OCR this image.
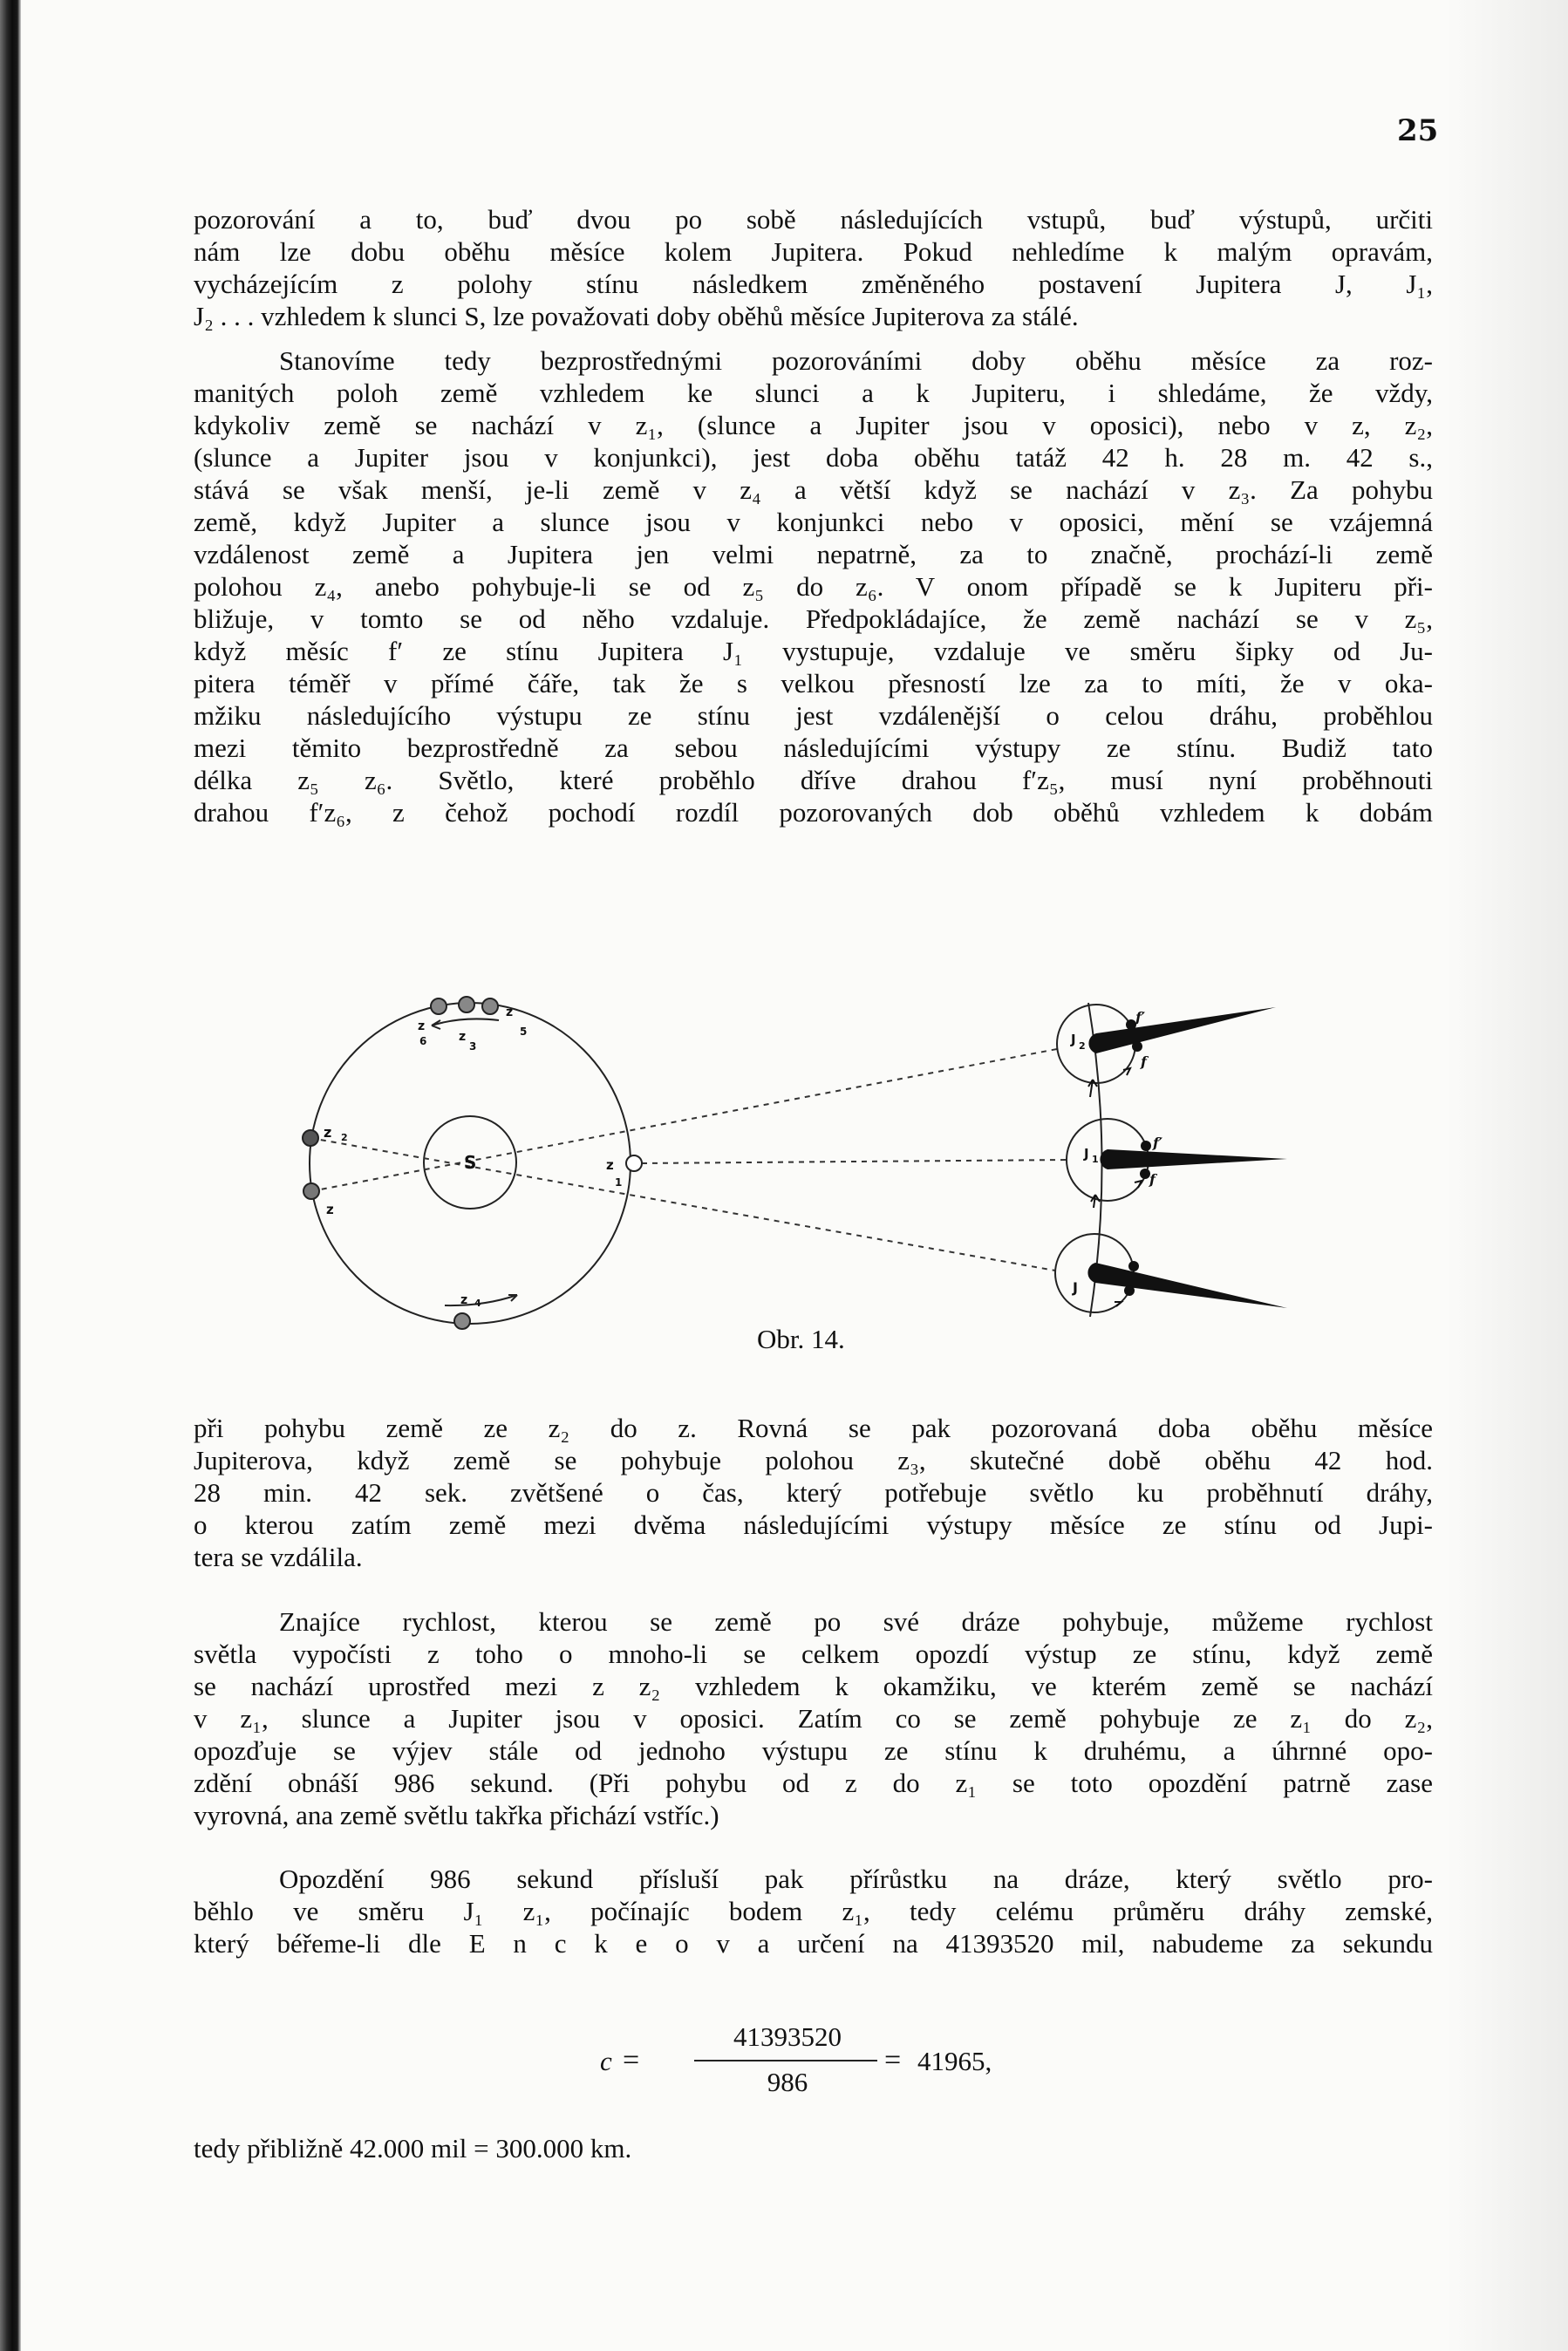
25
pozorování a to, buď dvou po sobě následujících vstupů, buď výstupů, určiti
nám lze dobu oběhu měsíce kolem Jupitera. Pokud nehledíme k malým opravám,
vycházejícím z polohy stínu následkem změněného postavení Jupitera J, J₁,
J₂ . . . vzhledem k slunci S, lze považovati doby oběhů měsíce Jupiterova za stálé.
Stanovíme tedy bezprostřednými pozorováními doby oběhu měsíce za roz-
manitých poloh země vzhledem ke slunci a k Jupiteru, i shledáme, že vždy,
kdykoliv země se nachází v z₁, (slunce a Jupiter jsou v oposici), nebo v z, z₂,
(slunce a Jupiter jsou v konjunkci), jest doba oběhu tatáž 42 h. 28 m. 42 s.,
stává se však menší, je-li země v z₄ a větší když se nachází v z₃. Za pohybu
země, když Jupiter a slunce jsou v konjunkci nebo v oposici, mění se vzájemná
vzdálenost země a Jupitera jen velmi nepatrně, za to značně, prochází-li země
polohou z₄, anebo pohybuje-li se od z₅ do z₆. V onom případě se k Jupiteru při-
bližuje, v tomto se od něho vzdaluje. Předpokládajíce, že země nachází se v z₅,
když měsíc f′ ze stínu Jupitera J₁ vystupuje, vzdaluje ve směru šipky od Ju-
pitera téměř v přímé čáře, tak že s velkou přesností lze za to míti, že v oka-
mžiku následujícího výstupu ze stínu jest vzdálenější o celou dráhu, proběhlou
mezi těmito bezprostředně za sebou následujícími výstupy ze stínu. Budiž tato
délka z₅ z₆. Světlo, které proběhlo dříve drahou f′z₅, musí nyní proběhnouti
drahou f′z₆, z čehož pochodí rozdíl pozorovaných dob oběhů vzhledem k dobám
S
z 2
z
z
1
z
6	z
3
z
5
z 4
J 2
J 1
J
f′
f
f′
f
Obr. 14.
při pohybu země ze z₂ do z. Rovná se pak pozorovaná doba oběhu měsíce
Jupiterova, když země se pohybuje polohou z₃, skutečné době oběhu 42 hod.
28 min. 42 sek. zvětšené o čas, který potřebuje světlo ku proběhnutí dráhy,
o kterou zatím země mezi dvěma následujícími výstupy měsíce ze stínu od Jupi-
tera se vzdálila.
Znajíce rychlost, kterou se země po své dráze pohybuje, můžeme rychlost
světla vypočísti z toho o mnoho-li se celkem opozdí výstup ze stínu, když země
se nachází uprostřed mezi z z₂ vzhledem k okamžiku, ve kterém země se nachází
v z₁, slunce a Jupiter jsou v oposici. Zatím co se země pohybuje ze z₁ do z₂,
opozďuje se výjev stále od jednoho výstupu ze stínu k druhému, a úhrnné opo-
zdění obnáší 986 sekund. (Při pohybu od z do z₁ se toto opozdění patrně zase
vyrovná, ana země světlu takřka přichází vstříc.)
Opozdění 986 sekund přísluší pak přírůstku na dráze, který světlo pro-
běhlo ve směru J₁ z₁, počínajíc bodem z₁, tedy celému průměru dráhy zemské,
který béřeme-li dle E n c k e o v a určení na 41393520 mil, nabudeme za sekundu
c =
41393520
986
= 41965,
tedy přibližně 42.000 mil = 300.000 km.
